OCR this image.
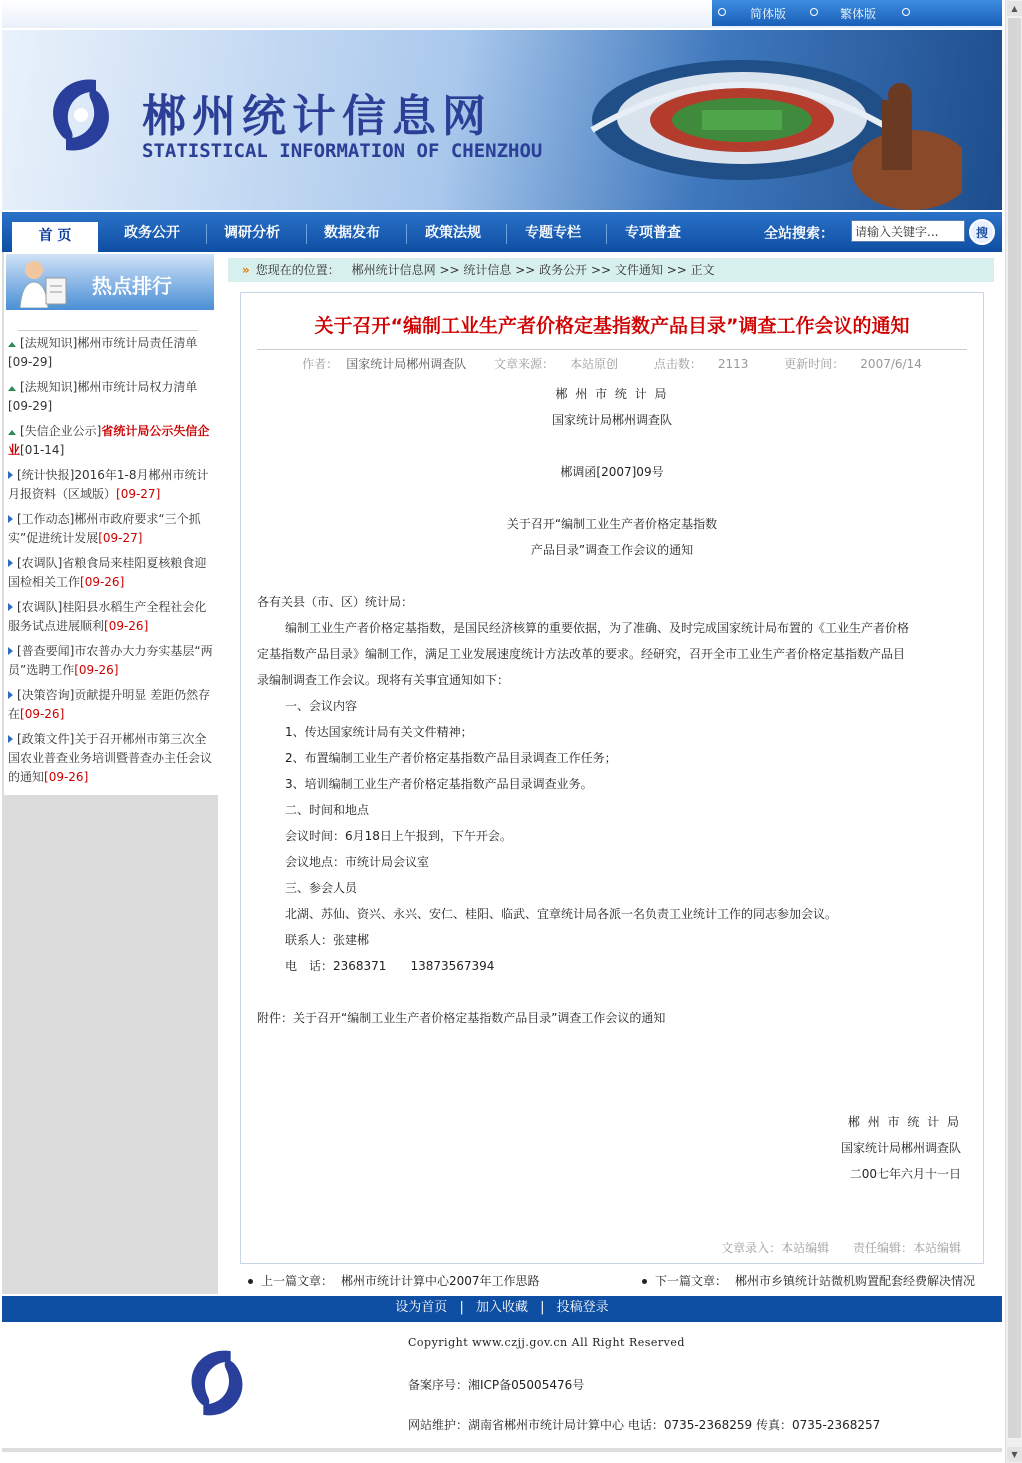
简体版	繁体版
郴州统计信息网
STATISTICAL INFORMATION OF CHENZHOU
首 页	政务公开	调研分析	数据发布	政策法规	专题专栏	专项普查	全站搜索：
请输入关键字...	搜
热点排行
[法规知识]郴州市统计局责任清单
[09-29]
[法规知识]郴州市统计局权力清单
[09-29]
[失信企业公示]省统计局公示失信企业[01-14]
[统计快报]2016年1-8月郴州市统计月报资料（区域版）[09-27]
[工作动态]郴州市政府要求“三个抓实”促进统计发展[09-27]
[农调队]省粮食局来桂阳夏核粮食迎国检相关工作[09-26]
[农调队]桂阳县水稻生产全程社会化服务试点进展顺利[09-26]
[普查要闻]市农普办大力夯实基层“两员”选聘工作[09-26]
[决策咨询]贡献提升明显 差距仍然存在[09-26]
[政策文件]关于召开郴州市第三次全国农业普查业务培训暨普查办主任会议的通知[09-26]
» 您现在的位置： 郴州统计信息网 >> 统计信息 >> 政务公开 >> 文件通知 >> 正文
关于召开“编制工业生产者价格定基指数产品目录”调查工作会议的通知
作者： 国家统计局郴州调查队 文章来源： 本站原创	点击数： 2113	更新时间： 2007/6/14

郴 州 市 统 计 局

国家统计局郴州调查队

郴调函[2007]09号

关于召开“编制工业生产者价格定基指数

产品目录”调查工作会议的通知

各有关县（市、区）统计局：

编制工业生产者价格定基指数，是国民经济核算的重要依据，为了准确、及时完成国家统计局布置的《工业生产者价格

定基指数产品目录》编制工作，满足工业发展速度统计方法改革的要求。经研究，召开全市工业生产者价格定基指数产品目

录编制调查工作会议。现将有关事宜通知如下：

一、会议内容

1、传达国家统计局有关文件精神；

2、布置编制工业生产者价格定基指数产品目录调查工作任务；

3、培训编制工业生产者价格定基指数产品目录调查业务。

二、时间和地点

会议时间：6月18日上午报到，下午开会。

会议地点：市统计局会议室

三、参会人员

北湖、苏仙、资兴、永兴、安仁、桂阳、临武、宜章统计局各派一名负责工业统计工作的同志参加会议。

联系人：张建郴

电　话：2368371　　13873567394

附件：关于召开“编制工业生产者价格定基指数产品目录”调查工作会议的通知

郴 州 市 统 计 局

国家统计局郴州调查队

二00七年六月十一日

文章录入：本站编辑 责任编辑：本站编辑
上一篇文章： 郴州市统计计算中心2007年工作思路	下一篇文章： 郴州市乡镇统计站微机购置配套经费解决情况
设为首页 | 加入收藏 | 投稿登录

Copyright www.czjj.gov.cn All Right Reserved

备案序号：湘ICP备05005476号

网站维护：湖南省郴州市统计局计算中心 电话：0735-2368259 传真：0735-2368257

▲
▼
